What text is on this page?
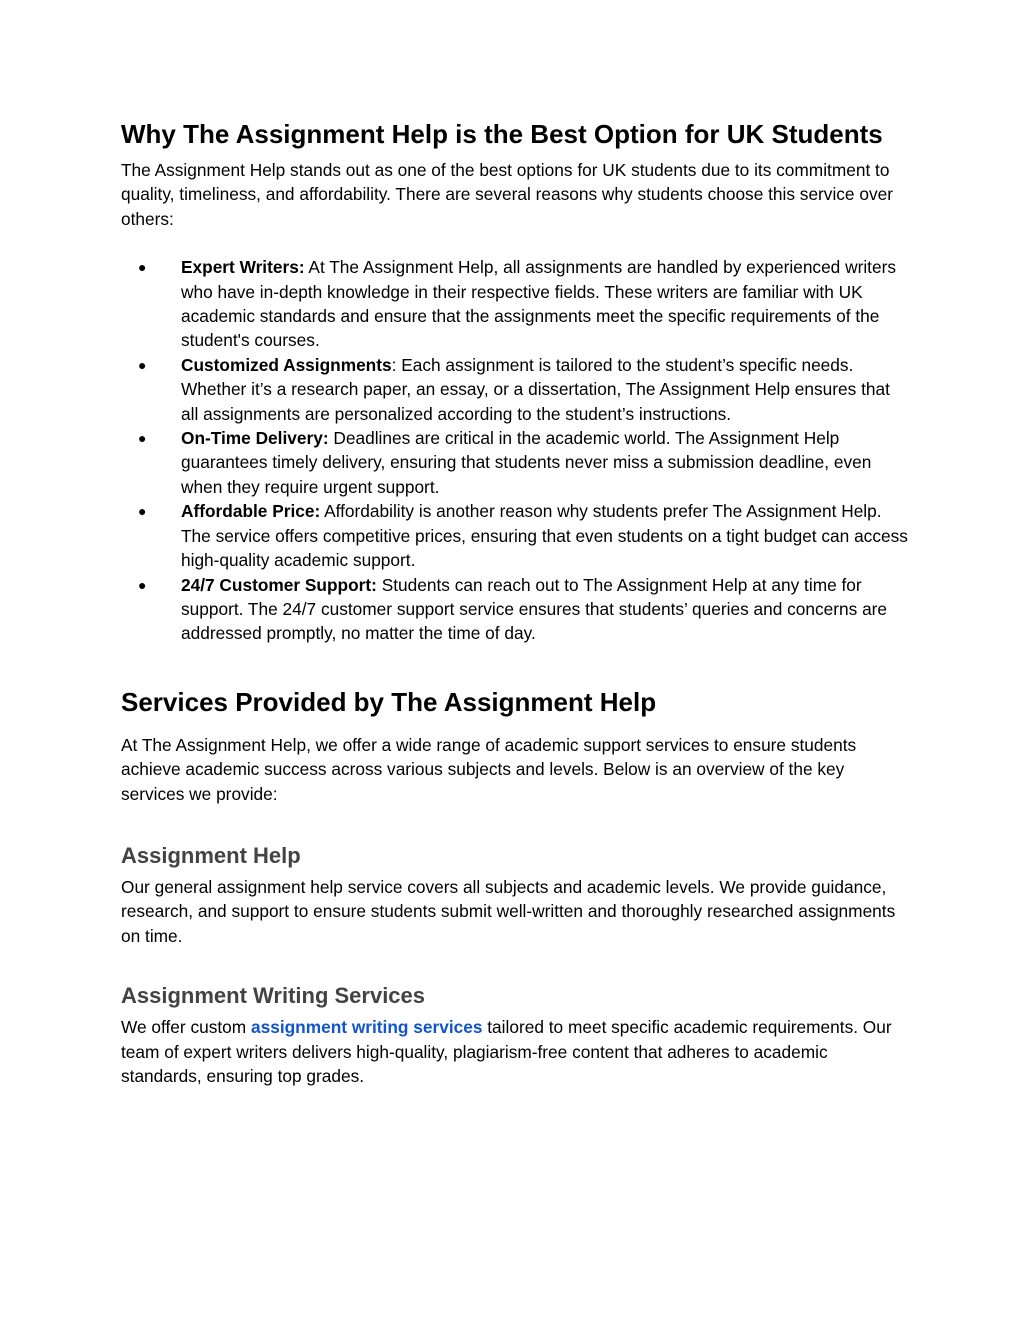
Why The Assignment Help is the Best Option for UK Students

The Assignment Help stands out as one of the best options for UK students due to its commitment to quality, timeliness, and affordability. There are several reasons why students choose this service over others:

● Expert Writers: At The Assignment Help, all assignments are handled by experienced writers who have in-depth knowledge in their respective fields. These writers are familiar with UK academic standards and ensure that the assignments meet the specific requirements of the student's courses.
● Customized Assignments: Each assignment is tailored to the student’s specific needs. Whether it’s a research paper, an essay, or a dissertation, The Assignment Help ensures that all assignments are personalized according to the student’s instructions.
● On-Time Delivery: Deadlines are critical in the academic world. The Assignment Help guarantees timely delivery, ensuring that students never miss a submission deadline, even when they require urgent support.
● Affordable Price: Affordability is another reason why students prefer The Assignment Help. The service offers competitive prices, ensuring that even students on a tight budget can access high-quality academic support.
● 24/7 Customer Support: Students can reach out to The Assignment Help at any time for support. The 24/7 customer support service ensures that students’ queries and concerns are addressed promptly, no matter the time of day.
Services Provided by The Assignment Help

At The Assignment Help, we offer a wide range of academic support services to ensure students achieve academic success across various subjects and levels. Below is an overview of the key services we provide:

Assignment Help

Our general assignment help service covers all subjects and academic levels. We provide guidance, research, and support to ensure students submit well-written and thoroughly researched assignments on time.

Assignment Writing Services

We offer custom assignment writing services tailored to meet specific academic requirements. Our team of expert writers delivers high-quality, plagiarism-free content that adheres to academic standards, ensuring top grades.
